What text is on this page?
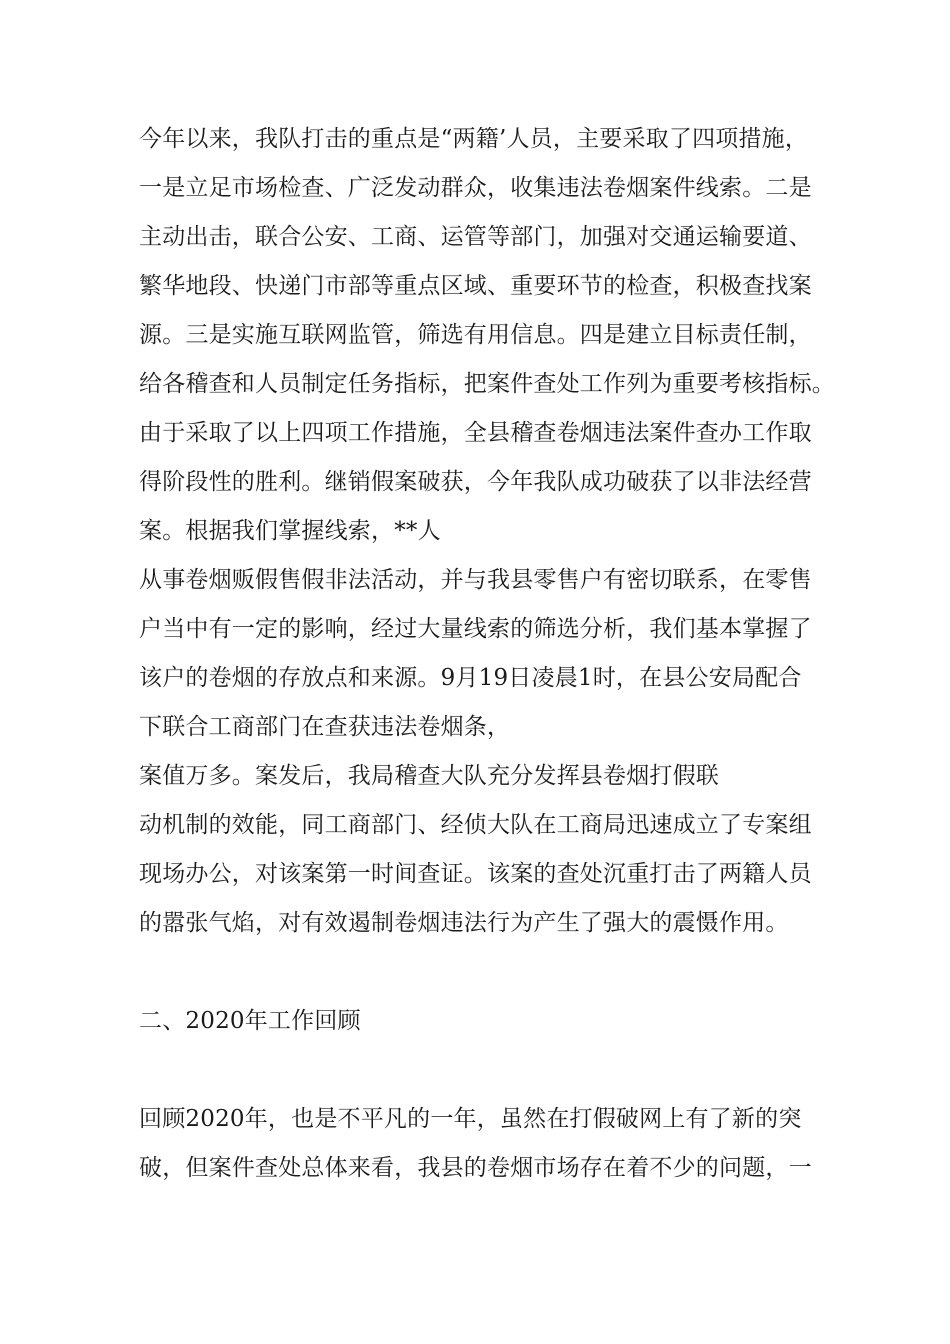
今年以来，我队打击的重点是“两籍’人员，主要采取了四项措施，
一是立足市场检查、广泛发动群众，收集违法卷烟案件线索。二是
主动出击，联合公安、工商、运管等部门，加强对交通运输要道、
繁华地段、快递门市部等重点区域、重要环节的检查，积极查找案
源。三是实施互联网监管，筛选有用信息。四是建立目标责任制，
给各稽查和人员制定任务指标，把案件查处工作列为重要考核指标。
由于采取了以上四项工作措施，全县稽查卷烟违法案件查办工作取
得阶段性的胜利。继销假案破获，今年我队成功破获了以非法经营
案。根据我们掌握线索，**人
从事卷烟贩假售假非法活动，并与我县零售户有密切联系，在零售
户当中有一定的影响，经过大量线索的筛选分析，我们基本掌握了
该户的卷烟的存放点和来源。9月19日凌晨1时，在县公安局配合
下联合工商部门在查获违法卷烟条，
案值万多。案发后，我局稽查大队充分发挥县卷烟打假联
动机制的效能，同工商部门、经侦大队在工商局迅速成立了专案组
现场办公，对该案第一时间查证。该案的查处沉重打击了两籍人员
的嚣张气焰，对有效遏制卷烟违法行为产生了强大的震慑作用。
二、2020年工作回顾
回顾2020年，也是不平凡的一年，虽然在打假破网上有了新的突
破，但案件查处总体来看，我县的卷烟市场存在着不少的问题，一
